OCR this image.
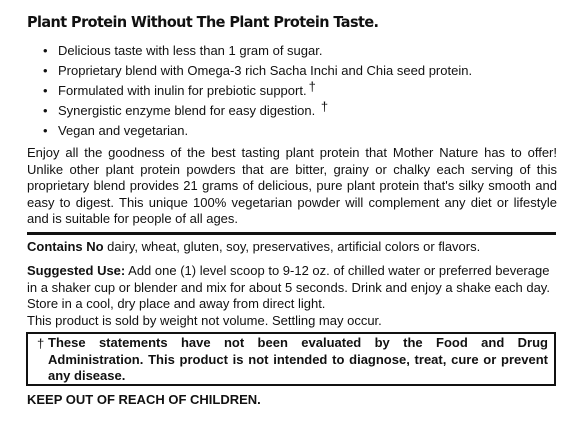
Plant Protein Without The Plant Protein Taste.
• Delicious taste with less than 1 gram of sugar.
• Proprietary blend with Omega-3 rich Sacha Inchi and Chia seed protein.
• Formulated with inulin for prebiotic support. †
• Synergistic enzyme blend for easy digestion. †
• Vegan and vegetarian.
Enjoy all the goodness of the best tasting plant protein that Mother Nature has to offer! Unlike other plant protein powders that are bitter, grainy or chalky each serving of this proprietary blend provides 21 grams of delicious, pure plant protein that's silky smooth and easy to digest. This unique 100% vegetarian powder will complement any diet or lifestyle and is suitable for people of all ages.
Contains No dairy, wheat, gluten, soy, preservatives, artificial colors or flavors.
Suggested Use: Add one (1) level scoop to 9-12 oz. of chilled water or preferred beverage in a shaker cup or blender and mix for about 5 seconds. Drink and enjoy a shake each day. Store in a cool, dry place and away from direct light.
This product is sold by weight not volume. Settling may occur.
† These statements have not been evaluated by the Food and Drug Administration. This product is not intended to diagnose, treat, cure or prevent any disease.
KEEP OUT OF REACH OF CHILDREN.
